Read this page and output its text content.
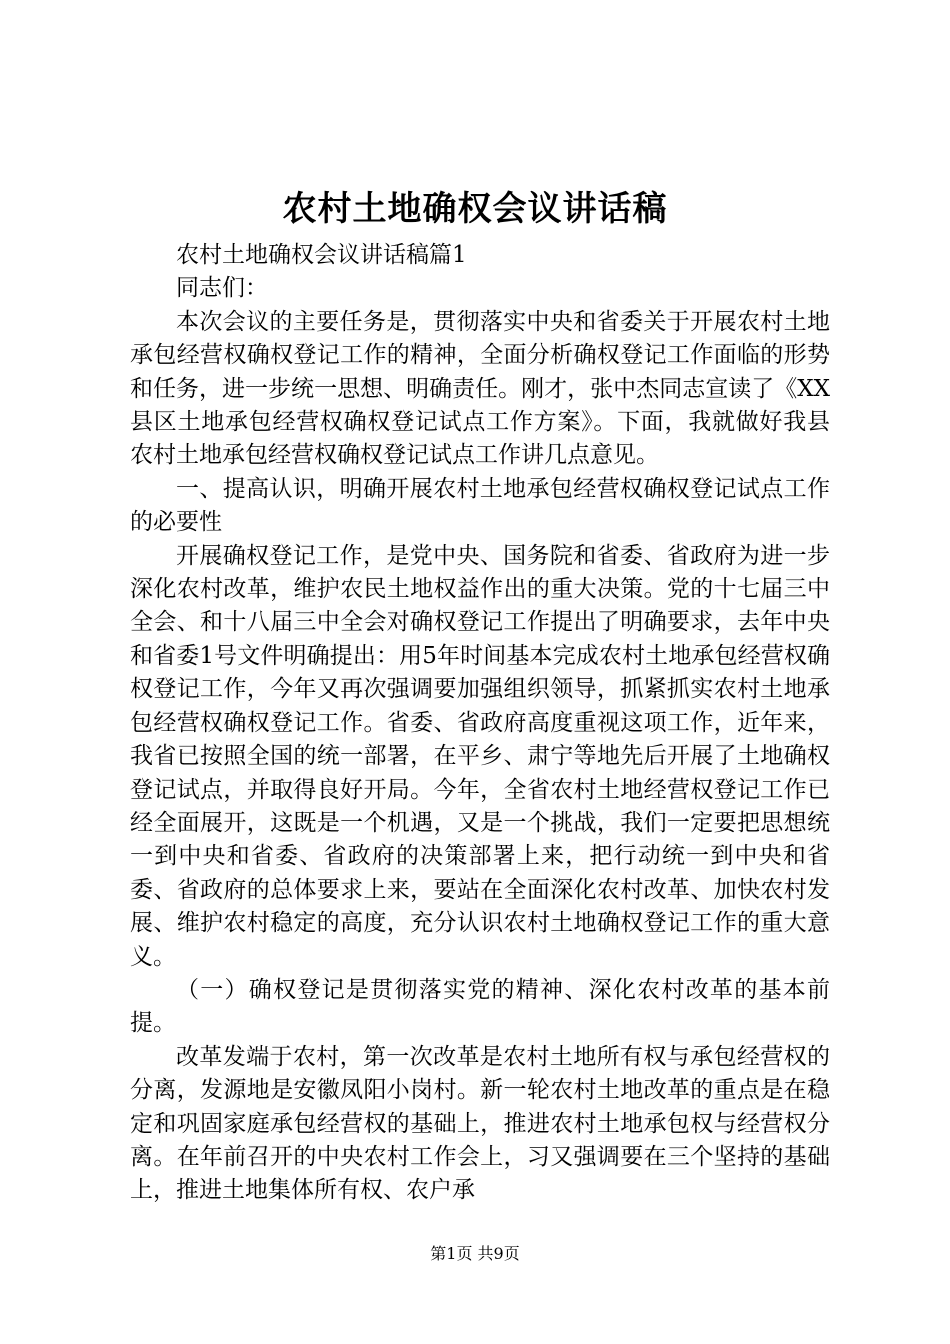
农村土地确权会议讲话稿

农村土地确权会议讲话稿篇1

同志们：

本次会议的主要任务是，贯彻落实中央和省委关于开展农村土地承包经营权确权登记工作的精神，全面分析确权登记工作面临的形势和任务，进一步统一思想、明确责任。刚才，张中杰同志宣读了《XX县区土地承包经营权确权登记试点工作方案》。下面，我就做好我县农村土地承包经营权确权登记试点工作讲几点意见。

一、提高认识，明确开展农村土地承包经营权确权登记试点工作的必要性

开展确权登记工作，是党中央、国务院和省委、省政府为进一步深化农村改革，维护农民土地权益作出的重大决策。党的十七届三中全会、和十八届三中全会对确权登记工作提出了明确要求，去年中央和省委1号文件明确提出：用5年时间基本完成农村土地承包经营权确权登记工作，今年又再次强调要加强组织领导，抓紧抓实农村土地承包经营权确权登记工作。省委、省政府高度重视这项工作，近年来，我省已按照全国的统一部署，在平乡、肃宁等地先后开展了土地确权登记试点，并取得良好开局。今年，全省农村土地经营权登记工作已经全面展开，这既是一个机遇，又是一个挑战，我们一定要把思想统一到中央和省委、省政府的决策部署上来，把行动统一到中央和省委、省政府的总体要求上来，要站在全面深化农村改革、加快农村发展、维护农村稳定的高度，充分认识农村土地确权登记工作的重大意义。

（一）确权登记是贯彻落实党的精神、深化农村改革的基本前提。

改革发端于农村，第一次改革是农村土地所有权与承包经营权的分离，发源地是安徽凤阳小岗村。新一轮农村土地改革的重点是在稳定和巩固家庭承包经营权的基础上，推进农村土地承包权与经营权分离。在年前召开的中央农村工作会上，习又强调要在三个坚持的基础上，推进土地集体所有权、农户承

第1页 共9页
